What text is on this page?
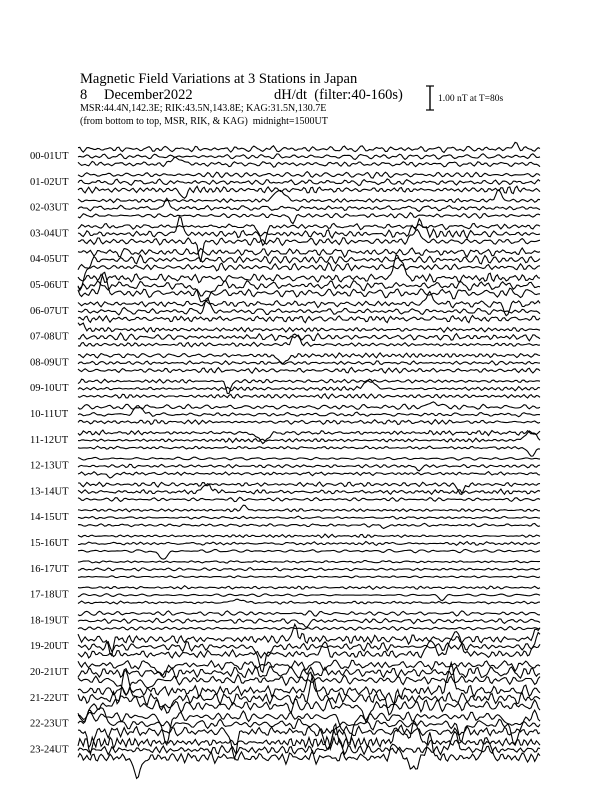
Magnetic Field Variations at 3 Stations in Japan
8 December2022	dH/dt (filter:40-160s)
MSR:44.4N,142.3E; RIK:43.5N,143.8E; KAG:31.5N,130.7E
(from bottom to top, MSR, RIK, & KAG) midnight=1500UT
1.00 nT at T=80s
00-01UT
01-02UT
02-03UT
03-04UT
04-05UT
05-06UT
06-07UT
07-08UT
08-09UT
09-10UT
10-11UT
11-12UT
12-13UT
13-14UT
14-15UT
15-16UT
16-17UT
17-18UT
18-19UT
19-20UT
20-21UT
21-22UT
22-23UT
23-24UT
